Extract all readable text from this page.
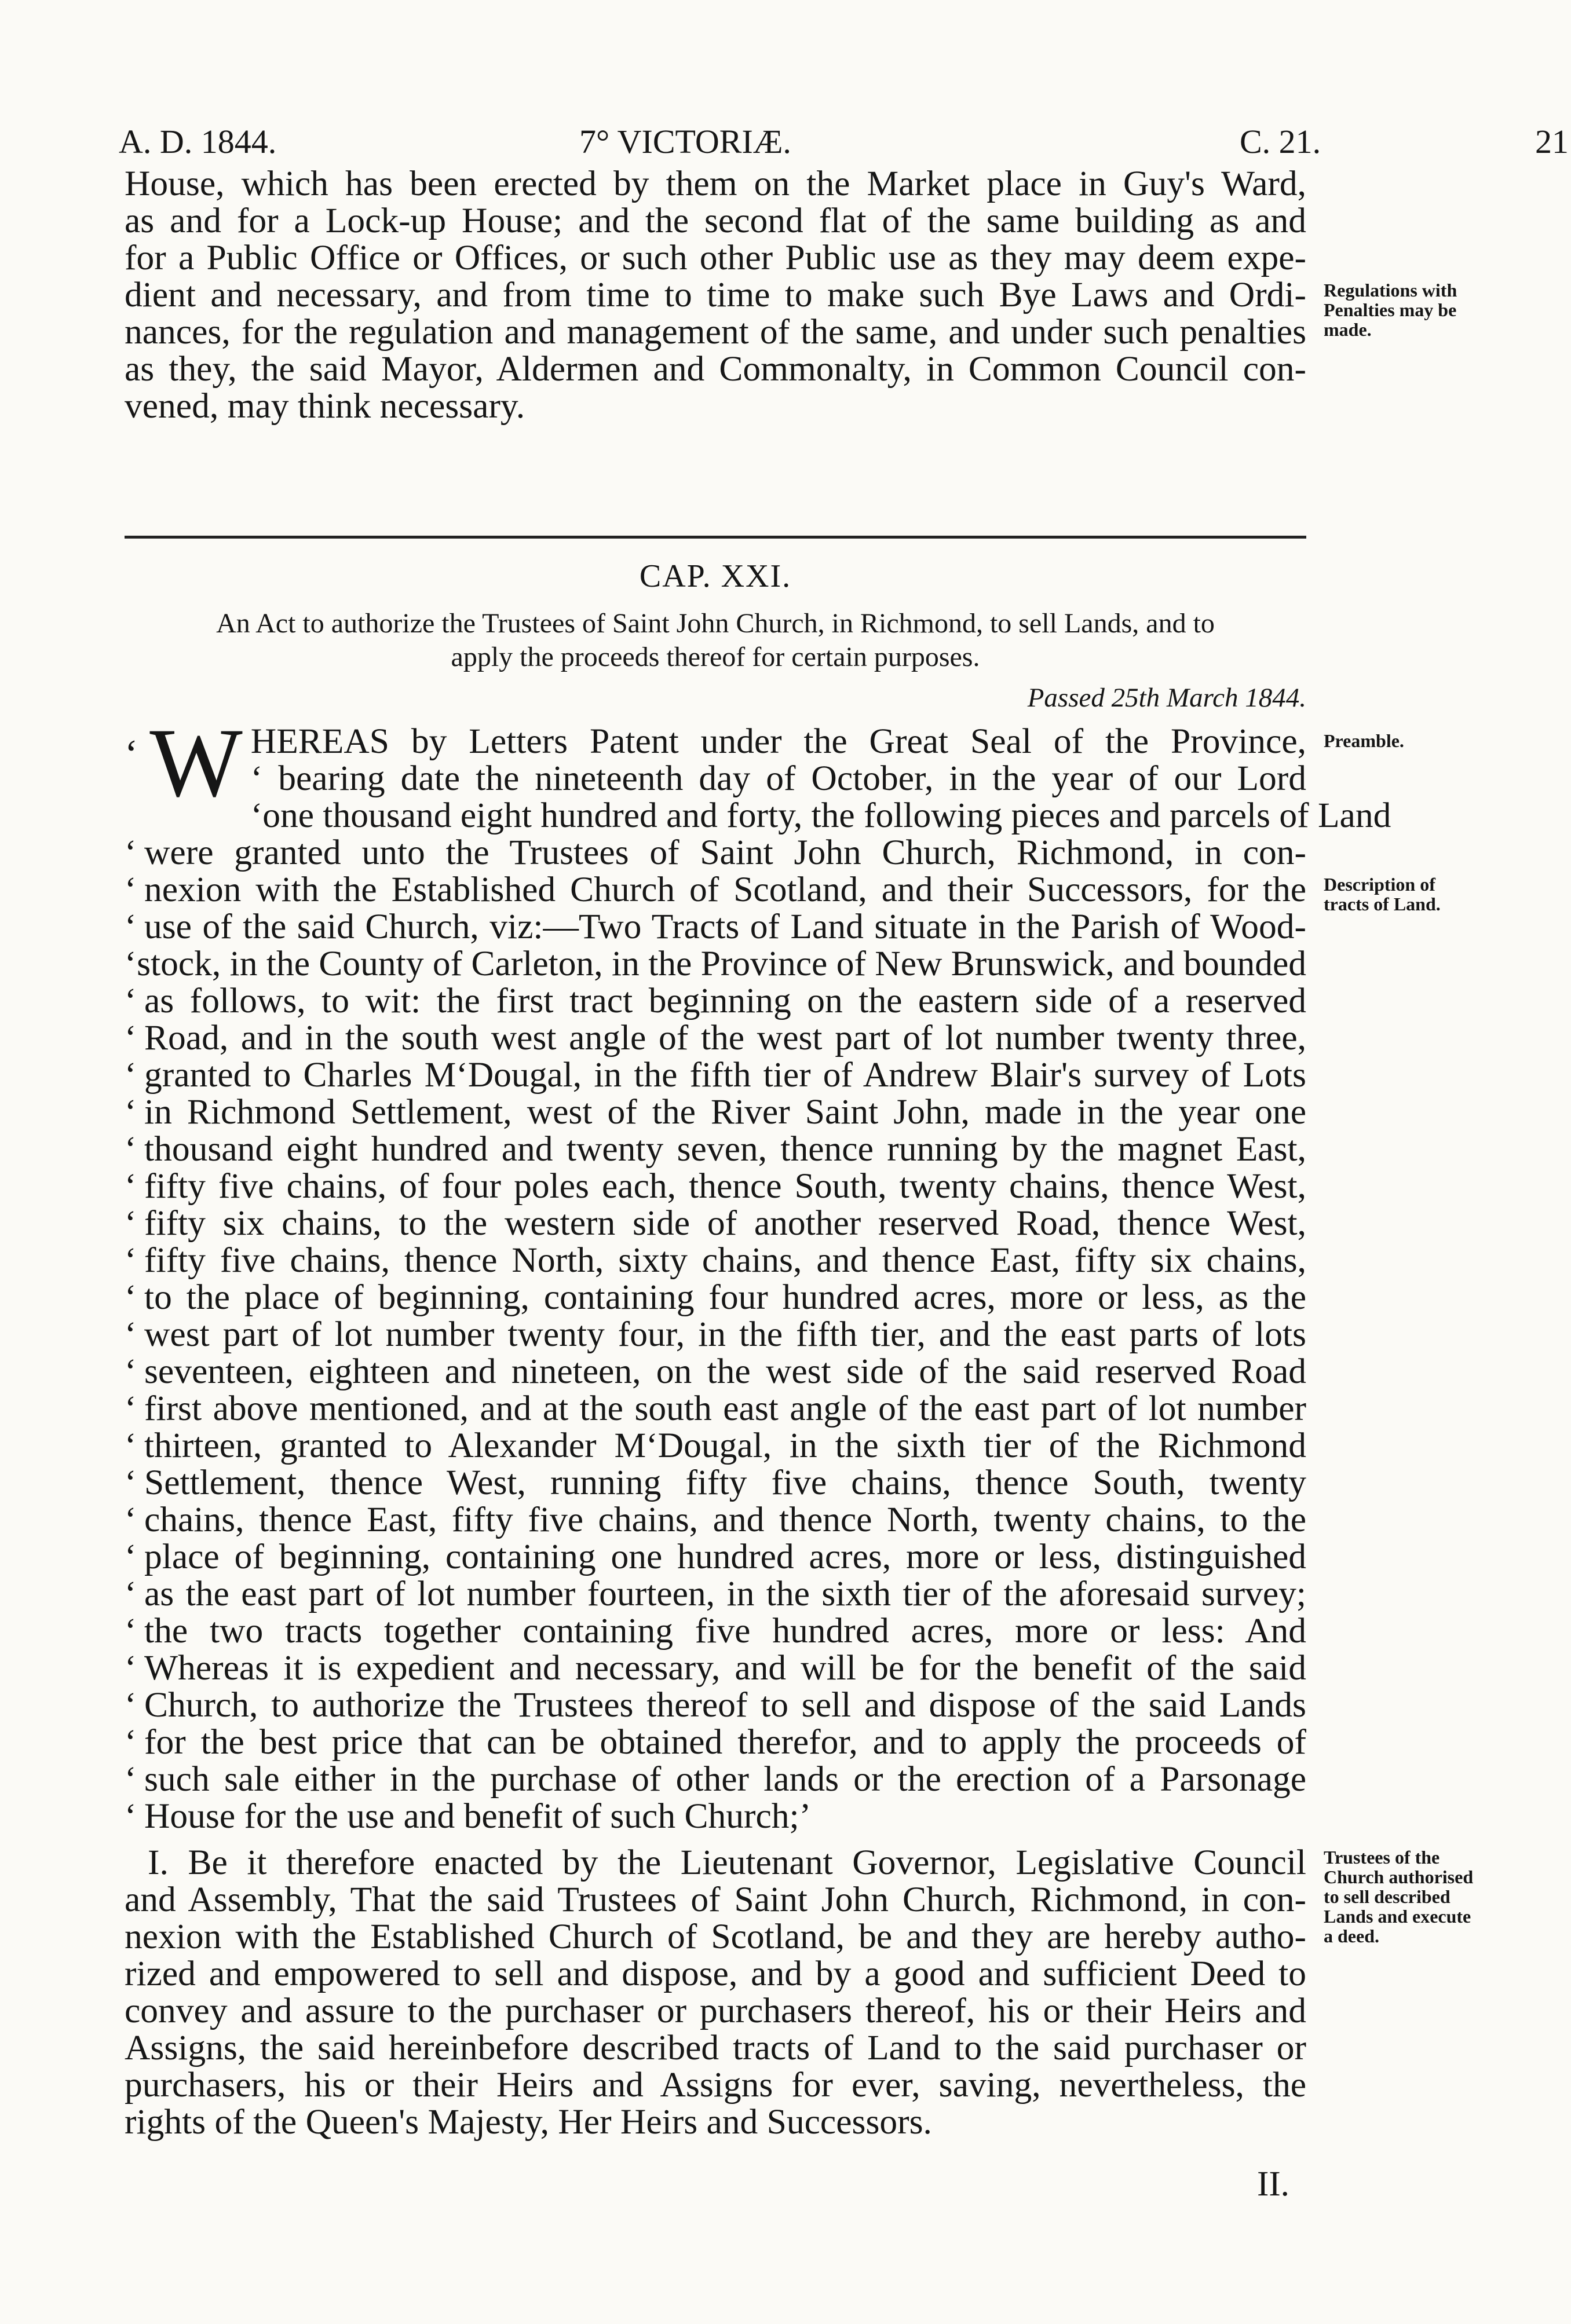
A. D. 1844.	7° VICTORIÆ.	C. 21.	21
House, which has been erected by them on the Market place in Guy's Ward,
as and for a Lock-up House; and the second flat of the same building as and
for a Public Office or Offices, or such other Public use as they may deem expe-
dient and necessary, and from time to time to make such Bye Laws and Ordi-
nances, for the regulation and management of the same, and under such penalties
as they, the said Mayor, Aldermen and Commonalty, in Common Council con-
vened, may think necessary.
Regulations with
Penalties may be
made.
CAP. XXI.
An Act to authorize the Trustees of Saint John Church, in Richmond, to sell Lands, and to
apply the proceeds thereof for certain purposes.
Passed 25th March 1844.
‘ W HEREAS by Letters Patent under the Great Seal of the Province,
‘ bearing date the nineteenth day of October, in the year of our Lord
‘ one thousand eight hundred and forty, the following pieces and parcels of Land
‘ were granted unto the Trustees of Saint John Church, Richmond, in con-
‘ nexion with the Established Church of Scotland, and their Successors, for the
‘ use of the said Church, viz:—Two Tracts of Land situate in the Parish of Wood-
‘ stock, in the County of Carleton, in the Province of New Brunswick, and bounded
‘ as follows, to wit: the first tract beginning on the eastern side of a reserved
‘ Road, and in the south west angle of the west part of lot number twenty three,
‘ granted to Charles M‘Dougal, in the fifth tier of Andrew Blair's survey of Lots
‘ in Richmond Settlement, west of the River Saint John, made in the year one
‘ thousand eight hundred and twenty seven, thence running by the magnet East,
‘ fifty five chains, of four poles each, thence South, twenty chains, thence West,
‘ fifty six chains, to the western side of another reserved Road, thence West,
‘ fifty five chains, thence North, sixty chains, and thence East, fifty six chains,
‘ to the place of beginning, containing four hundred acres, more or less, as the
‘ west part of lot number twenty four, in the fifth tier, and the east parts of lots
‘ seventeen, eighteen and nineteen, on the west side of the said reserved Road
‘ first above mentioned, and at the south east angle of the east part of lot number
‘ thirteen, granted to Alexander M‘Dougal, in the sixth tier of the Richmond
‘ Settlement, thence West, running fifty five chains, thence South, twenty
‘ chains, thence East, fifty five chains, and thence North, twenty chains, to the
‘ place of beginning, containing one hundred acres, more or less, distinguished
‘ as the east part of lot number fourteen, in the sixth tier of the aforesaid survey;
‘ the two tracts together containing five hundred acres, more or less: And
‘ Whereas it is expedient and necessary, and will be for the benefit of the said
‘ Church, to authorize the Trustees thereof to sell and dispose of the said Lands
‘ for the best price that can be obtained therefor, and to apply the proceeds of
‘ such sale either in the purchase of other lands or the erection of a Parsonage
‘ House for the use and benefit of such Church;’
Preamble.
Description of
tracts of Land.
I. Be it therefore enacted by the Lieutenant Governor, Legislative Council
and Assembly, That the said Trustees of Saint John Church, Richmond, in con-
nexion with the Established Church of Scotland, be and they are hereby autho-
rized and empowered to sell and dispose, and by a good and sufficient Deed to
convey and assure to the purchaser or purchasers thereof, his or their Heirs and
Assigns, the said hereinbefore described tracts of Land to the said purchaser or
purchasers, his or their Heirs and Assigns for ever, saving, nevertheless, the
rights of the Queen's Majesty, Her Heirs and Successors.
Trustees of the
Church authorised
to sell described
Lands and execute
a deed.
II.
